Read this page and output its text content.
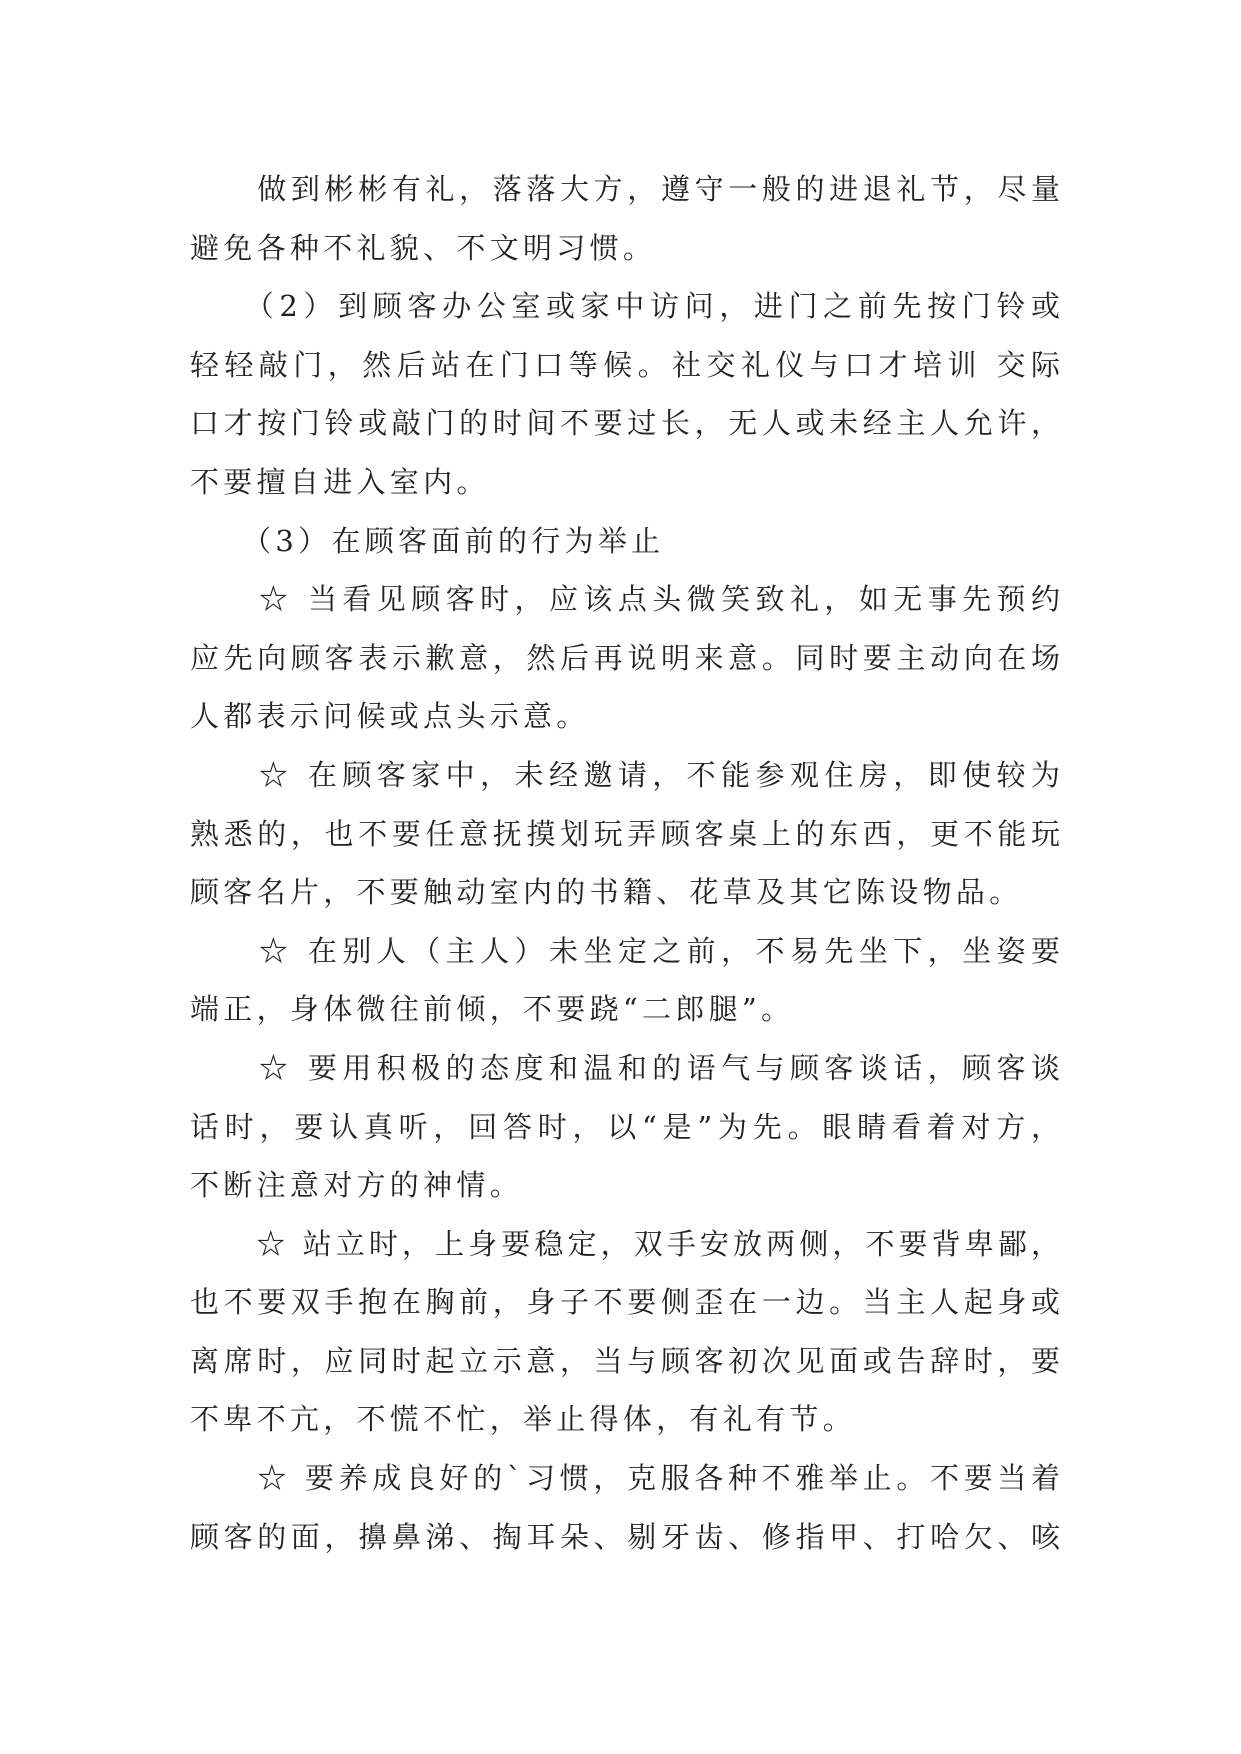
　　做到彬彬有礼，落落大方，遵守一般的进退礼节，尽量
避免各种不礼貌、不文明习惯。
　　（2）到顾客办公室或家中访问，进门之前先按门铃或
轻轻敲门，然后站在门口等候。社交礼仪与口才培训 交际
口才按门铃或敲门的时间不要过长，无人或未经主人允许，
不要擅自进入室内。
　　（3）在顾客面前的行为举止
　　☆ 当看见顾客时，应该点头微笑致礼，如无事先预约
应先向顾客表示歉意，然后再说明来意。同时要主动向在场
人都表示问候或点头示意。
　　☆ 在顾客家中，未经邀请，不能参观住房，即使较为
熟悉的，也不要任意抚摸划玩弄顾客桌上的东西，更不能玩
顾客名片，不要触动室内的书籍、花草及其它陈设物品。
　　☆ 在别人（主人）未坐定之前，不易先坐下，坐姿要
端正，身体微往前倾，不要跷“二郎腿”。
　　☆ 要用积极的态度和温和的语气与顾客谈话，顾客谈
话时，要认真听，回答时，以“是”为先。眼睛看着对方，
不断注意对方的神情。
　　☆ 站立时，上身要稳定，双手安放两侧，不要背卑鄙，
也不要双手抱在胸前，身子不要侧歪在一边。当主人起身或
离席时，应同时起立示意，当与顾客初次见面或告辞时，要
不卑不亢，不慌不忙，举止得体，有礼有节。
　　☆ 要养成良好的`习惯，克服各种不雅举止。不要当着
顾客的面，擤鼻涕、掏耳朵、剔牙齿、修指甲、打哈欠、咳
